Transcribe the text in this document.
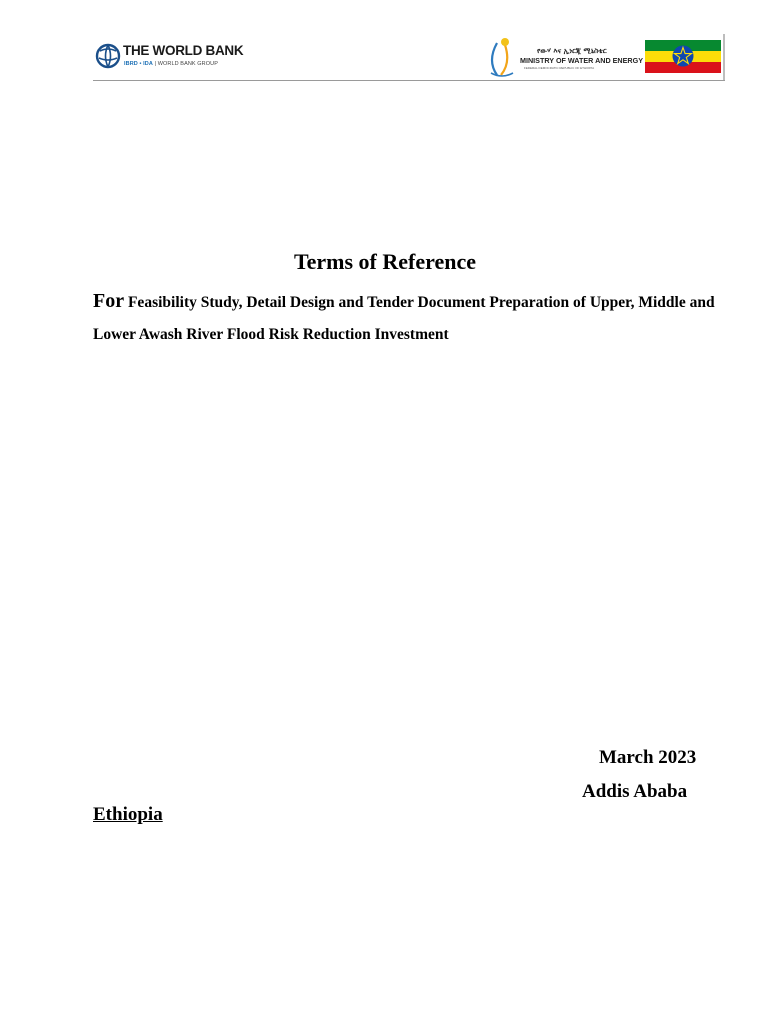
THE WORLD BANK
IBRD • IDA | WORLD BANK GROUP
የውሃ እና ኢነርጂ ሚኒስቴር
MINISTRY OF WATER AND ENERGY
FEDERAL DEMOCRATIC REPUBLIC OF ETHIOPIA
Terms of Reference
For Feasibility Study, Detail Design and Tender Document Preparation of Upper, Middle and Lower Awash River Flood Risk Reduction Investment
March 2023
Addis Ababa
Ethiopia
